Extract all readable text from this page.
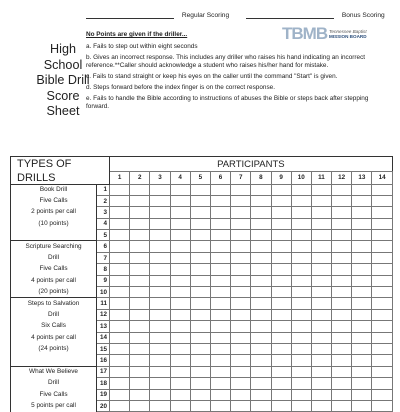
Regular Scoring	Bonus Scoring
High
School
Bible Drill
Score
Sheet
TBMB Tennessee Baptist
MISSION BOARD
No Points are given if the driller...
a. Fails to step out within eight seconds
b. Gives an incorrect response. This includes any driller who raises his hand indicating an incorrect reference.**Caller should acknowledge a student who raises his/her hand for mistake.
c. Fails to stand straight or keep his eyes on the caller until the command "Start" is given.
d. Steps forward before the index finger is on the correct response.
e. Fails to handle the Bible according to instructions of abuses the Bible or steps back after stepping forward.
TYPES OF		PARTICIPANTS													
DRILLS		1	2	3	4	5	6	7	8	9	10	11	12	13	14
Book Drill	1														
Five Calls	2														
2 points per call	3														
(10 points)	4														
	5														
Scripture Searching	6														
Drill	7														
Five Calls	8														
4 points per call	9														
(20 points)	10														
Steps to Salvation	11														
Drill	12														
Six Calls	13														
4 points per call	14														
(24 points)	15														
	16														
What We Believe	17														
Drill	18														
Five Calls	19														
5 points per call	20														
